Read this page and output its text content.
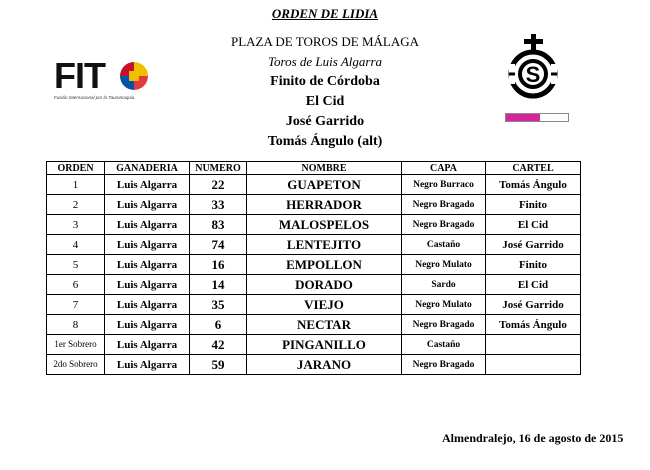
ORDEN DE LIDIA
PLAZA DE TOROS DE MÁLAGA
Toros de Luis Algarra
Finito de Córdoba
El Cid
José Garrido
Tomás Ángulo (alt)
FIT
Fusión Internacional por la Tauromaquia
S
ORDEN	GANADERIA	NUMERO	NOMBRE	CAPA	CARTEL
1	Luis Algarra	22	GUAPETON	Negro Burraco	Tomás Ángulo
2	Luis Algarra	33	HERRADOR	Negro Bragado	Finito
3	Luis Algarra	83	MALOSPELOS	Negro Bragado	El Cid
4	Luis Algarra	74	LENTEJITO	Castaño	José Garrido
5	Luis Algarra	16	EMPOLLON	Negro Mulato	Finito
6	Luis Algarra	14	DORADO	Sardo	El Cid
7	Luis Algarra	35	VIEJO	Negro Mulato	José Garrido
8	Luis Algarra	6	NECTAR	Negro Bragado	Tomás Ángulo
1er Sobrero	Luis Algarra	42	PINGANILLO	Castaño	
2do Sobrero	Luis Algarra	59	JARANO	Negro Bragado	
Almendralejo, 16 de agosto de 2015
